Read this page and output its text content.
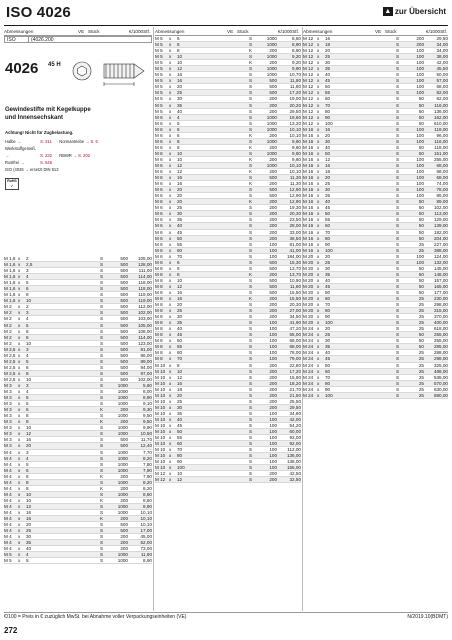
ISO 4026	▲ zur Übersicht
Abmessungen	VE Stück	€/1000Stf.
ISO	(4026.200
4026 45 H
Gewindestifte mit Kegelkuppe und Innensechskant
Achtung! Nicht für Zugbelastung.
Halbe →	S. 311 Normantriebe → S. 6
Werkstoffgemeß. →	S. 232 RBWR → S. 202
Rostfrei →	S. 546
ISO (4026 → ersetzt DIN 913
RoHS ✓
M 1,6 x	2	S	500	105,00
M 1,6 x	2,5	S	500	128,00
M 1,6 x	3	S	500	111,00
M 1,6 x	4	S	500	114,00
M 1,6 x	5	S	500	118,00
M 1,6 x	6	S	500	118,00
M 1,6 x	8	S	500	119,00
M 1,6 x	10	S	500	119,00
M 2	x	2	S	500	112,00
M 2	x	3	S	500	102,00
M 2	x	4	S	500	103,00
M 2	x	5	S	500	105,00
M 2	x	6	S	500	108,00
M 2	x	8	S	500	114,00
M 2	x	10	S	500	123,00
M 2,5 x	3	S	500	81,00
M 2,5 x	4	S	500	86,00
M 2,5 x	5	S	500	89,00
M 2,5 x	6	S	500	94,00
M 2,5 x	8	S	500	97,00
M 2,5 x	10	S	500	102,00
M 3	x	3	S	1000	5,60
M 3	x	4	S	1000	8,00
M 3	x	5	S	1000	8,90
M 3	x	5	S	1000	9,10
M 3	x	6	K	200	9,30
M 3	x	8	S	1000	9,50
M 3	x	8	K	200	9,50
M 3	x	10	S	1000	9,90
M 3	x	12	S	1000	10,50
M 3	x	16	S	500	11,70
M 3	x	20	S	500	12,40
M 4	x	3	S	1000	7,70
M 4	x	4	S	1000	8,20
M 4	x	5	S	1000	7,80
M 4	x	6	S	1000	7,90
M 4	x	6	K	200	7,90
M 4	x	8	S	1000	8,20
M 4	x	8	K	200	8,20
M 4	x	10	S	1000	8,60
M 4	x	10	K	200	8,60
M 4	x	12	S	1000	8,90
M 4	x	16	S	1000	10,10
M 4	x	16	K	200	10,10
M 4	x	20	S	500	10,10
M 4	x	25	S	500	17,00
M 4	x	30	S	200	45,00
M 4	x	35	S	200	52,00
M 4	x	40	S	200	73,00
M 5	x	4	S	1000	11,90
M 5	x	5	S	1000	8,90
Abmessungen	VE Stück	€/1000Stf.
M 5	x	6	S	1000	8,60
M 5	x	8	S	1000	8,90
M 5	x	8	K	200	8,90
M 5	x	10	S	1000	9,20
M 5	x	10	K	200	9,20
M 5	x	12	S	1000	9,90
M 5	x	16	S	1000	10,70
M 5	x	16	S	500	11,80
M 5	x	20	S	500	11,80
M 5	x	25	S	500	17,20
M 5	x	30	S	200	19,00
M 5	x	35	S	200	20,20
M 5	x	40	S	200	29,50
M 6	x	4	S	1000	19,60
M 6	x	5	S	1000	13,20
M 6	x	6	S	1000	10,10
M 6	x	6	K	200	10,10
M 6	x	8	S	1000	9,60
M 6	x	8	K	200	9,60
M 6	x	10	S	1000	9,60
M 6	x	10	K	200	9,60
M 6	x	12	S	1000	10,10
M 6	x	12	K	200	10,10
M 6	x	16	S	500	11,30
M 6	x	16	K	200	11,30
M 6	x	20	S	500	12,90
M 6	x	20	S	500	12,90
M 6	x	20	K	200	12,90
M 6	x	25	S	200	19,30
M 6	x	30	S	200	20,30
M 6	x	35	S	200	23,50
M 6	x	40	S	200	28,00
M 6	x	45	S	200	33,00
M 6	x	50	S	200	36,50
M 6	x	55	S	100	81,00
M 6	x	60	S	100	41,00
M 6	x	70	S	100	184,00
M 8	x	6	S	500	15,30
M 8	x	8	S	500	13,70
M 8	x	8	K	200	13,70
M 8	x	10	S	500	10,90
M 8	x	12	S	500	11,80
M 8	x	16	S	500	15,50
M 8	x	16	K	200	15,50
M 8	x	20	S	200	20,30
M 8	x	25	S	200	27,00
M 8	x	30	S	200	34,50
M 8	x	35	S	100	41,90
M 8	x	40	S	100	47,20
M 8	x	45	S	100	55,00
M 8	x	50	S	100	68,00
M 8	x	55	S	100	68,00
M 8	x	60	S	100	78,00
M 8	x	70	S	100	79,00
M 10 x	8	S	200	22,80
M 10 x	10	S	200	17,20
M 10 x	12	S	200	15,90
M 10 x	16	S	200	18,20
M 10 x	18	S	200	21,70
M 10 x	20	S	200	21,50
M 10 x	25	S	200	25,50
M 10 x	30	S	200	29,50
M 10 x	35	S	100	34,80
M 10 x	40	S	100	42,00
M 10 x	45	S	100	54,20
M 10 x	50	S	100	60,00
M 10 x	55	S	100	92,00
M 10 x	60	S	100	92,00
M 10 x	70	S	100	112,00
M 10 x	80	S	100	136,00
M 10 x	90	S	100	138,00
M 10 x	100	S	100	155,00
M 12 x	10	S	200	42,50
M 12 x	12	S	200	32,50
Abmessungen	VE Stück	€/1000Stf.
M 12 x	16	S	200	29,50
M 12 x	18	S	200	34,00
M 12 x	20	S	100	34,00
M 12 x	25	S	100	38,00
M 12 x	30	S	100	42,00
M 12 x	35	S	100	45,50
M 12 x	40	S	100	50,00
M 12 x	45	S	100	57,00
M 12 x	50	S	100	68,00
M 12 x	55	S	100	82,00
M 12 x	60	S	50	82,00
M 12 x	70	S	50	116,00
M 12 x	80	S	50	136,00
M 12 x	90	S	50	162,00
M 12 x	100	S	50	610,00
M 16 x	16	S	100	118,00
M 16 x	20	S	100	96,00
M 16 x	30	S	100	116,00
M 16 x	40	S	50	118,00
M 16 x	50	S	50	151,00
M 16 x	12	S	100	255,00
M 16 x	16	S	100	68,00
M 16 x	18	S	100	68,00
M 16 x	20	S	100	68,00
M 16 x	25	S	100	74,00
M 16 x	30	S	100	78,00
M 16 x	35	S	100	85,00
M 16 x	40	S	50	89,00
M 16 x	45	S	50	102,00
M 16 x	50	S	50	113,00
M 16 x	55	S	50	129,00
M 16 x	60	S	50	139,00
M 16 x	70	S	50	182,00
M 16 x	80	S	50	204,00
M 16 x	90	S	25	227,00
M 16 x	100	S	25	388,00
M 20 x	20	S	100	124,00
M 20 x	25	S	100	132,00
M 20 x	30	S	50	145,00
M 20 x	35	S	50	148,00
M 20 x	40	S	50	157,00
M 20 x	45	S	50	165,00
M 20 x	50	S	50	177,00
M 20 x	60	S	25	230,00
M 20 x	70	S	25	298,00
M 20 x	80	S	25	315,00
M 20 x	90	S	25	370,00
M 20 x	100	S	25	400,00
M 24 x	20	S	25	618,00
M 24 x	25	S	50	255,00
M 24 x	30	S	50	255,00
M 24 x	35	S	50	285,00
M 24 x	40	S	25	288,00
M 24 x	45	S	25	298,00
M 24 x	50	S	25	325,00
M 24 x	60	S	25	488,00
M 24 x	70	S	25	538,00
M 24 x	80	S	25	570,00
M 24 x	90	S	25	630,00
M 24 x	100	S	25	890,00
€/100 = Preis in € zuzüglich MwSt. bei Abnahme voller Verpackungseinheiten (VE)	N/2019.10(BDMT)
272
